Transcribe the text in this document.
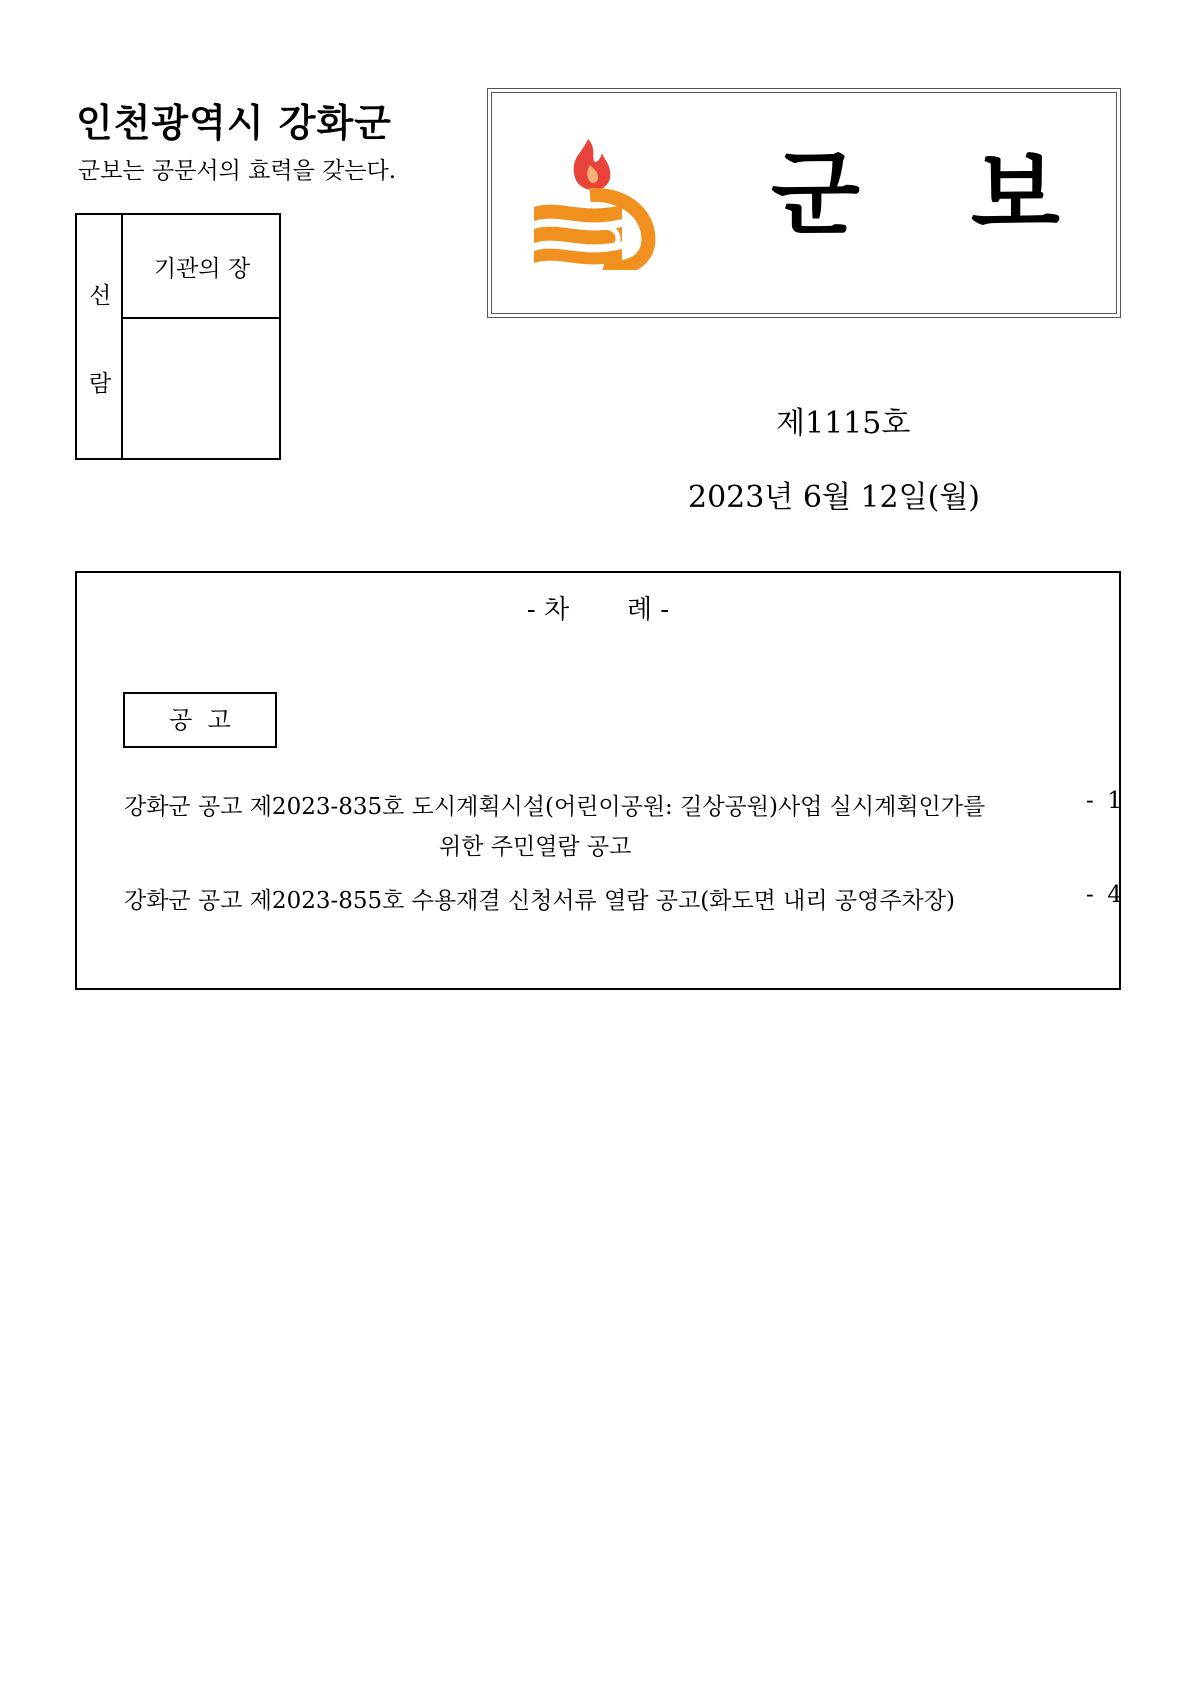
인천광역시 강화군
군보는 공문서의 효력을 갖는다.
선
람
기관의 장
군 보
제1115호
2023년 6월 12일(월)
- 차       례 -
공  고
강화군 공고 제2023-835호 도시계획시설(어린이공원: 길상공원)사업 실시계획인가를	- 1
위한 주민열람 공고
강화군 공고 제2023-855호 수용재결 신청서류 열람 공고(화도면 내리 공영주차장)	- 4
